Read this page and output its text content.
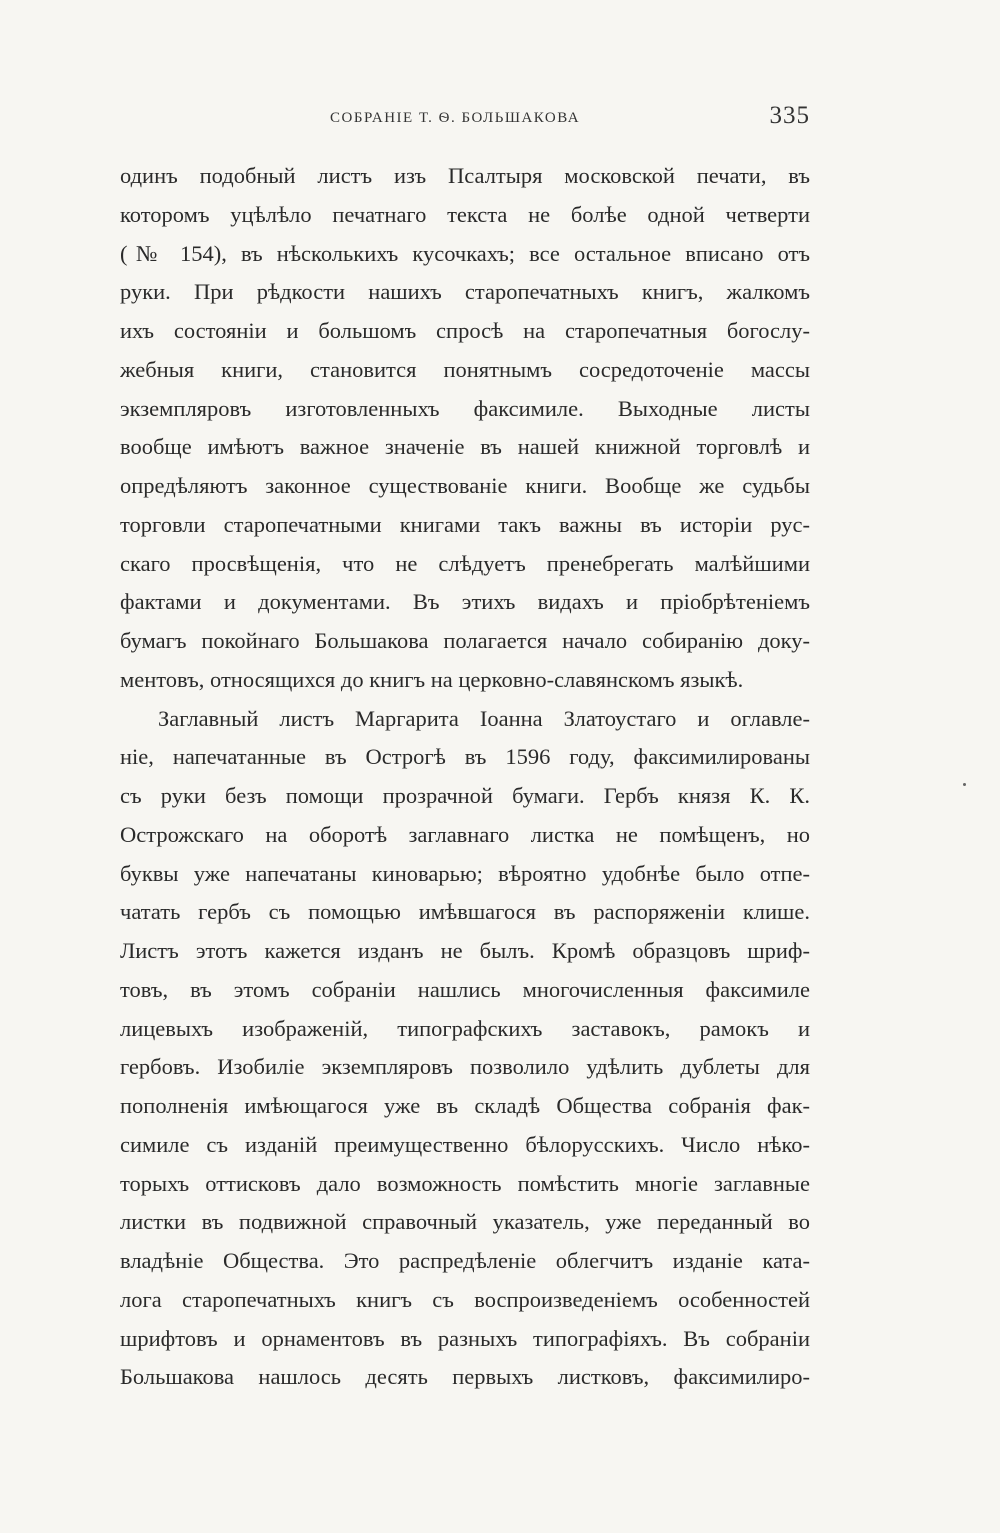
СОБРАНІЕ Т. Ѳ. БОЛЬШАКОВА	335
одинъ подобный листъ изъ Псалтыря московской печати, въ
которомъ уцѣлѣло печатнаго текста не болѣе одной четверти
(№ 154), въ нѣсколькихъ кусочкахъ; все остальное вписано отъ
руки. При рѣдкости нашихъ старопечатныхъ книгъ, жалкомъ
ихъ состояніи и большомъ спросѣ на старопечатныя богослу-
жебныя книги, становится понятнымъ сосредоточеніе массы
экземпляровъ изготовленныхъ факсимиле. Выходные листы
вообще имѣютъ важное значеніе въ нашей книжной торговлѣ и
опредѣляютъ законное существованіе книги. Вообще же судьбы
торговли старопечатными книгами такъ важны въ исторіи рус-
скаго просвѣщенія, что не слѣдуетъ пренебрегать малѣйшими
фактами и документами. Въ этихъ видахъ и пріобрѣтеніемъ
бумагъ покойнаго Большакова полагается начало собиранію доку-
ментовъ, относящихся до книгъ на церковно-славянскомъ языкѣ.
Заглавный листъ Маргарита Іоанна Златоустаго и оглавле-
ніе, напечатанные въ Острогѣ въ 1596 году, факсимилированы
съ руки безъ помощи прозрачной бумаги. Гербъ князя К. К.
Острожскаго на оборотѣ заглавнаго листка не помѣщенъ, но
буквы уже напечатаны киноварью; вѣроятно удобнѣе было отпе-
чатать гербъ съ помощью имѣвшагося въ распоряженіи клише.
Листъ этотъ кажется изданъ не былъ. Кромѣ образцовъ шриф-
товъ, въ этомъ собраніи нашлись многочисленныя факсимиле
лицевыхъ изображеній, типографскихъ заставокъ, рамокъ и
гербовъ. Изобиліе экземпляровъ позволило удѣлить дублеты для
пополненія имѣющагося уже въ складѣ Общества собранія фак-
симиле съ изданій преимущественно бѣлорусскихъ. Число нѣко-
торыхъ оттисковъ дало возможность помѣстить многіе заглавные
листки въ подвижной справочный указатель, уже переданный во
владѣніе Общества. Это распредѣленіе облегчитъ изданіе ката-
лога старопечатныхъ книгъ съ воспроизведеніемъ особенностей
шрифтовъ и орнаментовъ въ разныхъ типографіяхъ. Въ собраніи
Большакова нашлось десять первыхъ листковъ, факсимилиро-
